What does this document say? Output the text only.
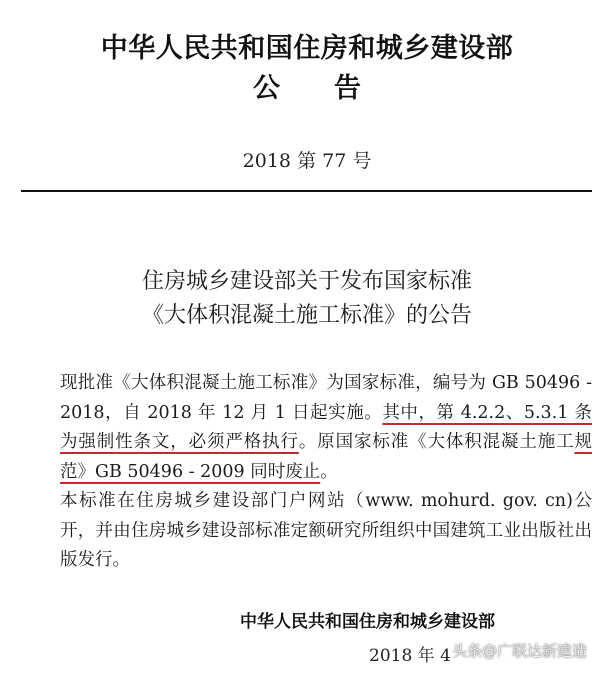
中华人民共和国住房和城乡建设部
公 告
2018 第 77 号
住房城乡建设部关于发布国家标准
《大体积混凝土施工标准》的公告

现批准《大体积混凝土施工标准》为国家标准，编号为 GB 50496 - 2018，自 2018 年 12 月 1 日起实施。其中，第 4.2.2、5.3.1 条为强制性条文，必须严格执行。原国家标准《大体积混凝土施工规范》GB 50496 - 2009 同时废止。

本标准在住房城乡建设部门户网站（www. mohurd. gov. cn)公开，并由住房城乡建设部标准定额研究所组织中国建筑工业出版社出版发行。

中华人民共和国住房和城乡建设部
2018 年 4 头条@广联达新建造
